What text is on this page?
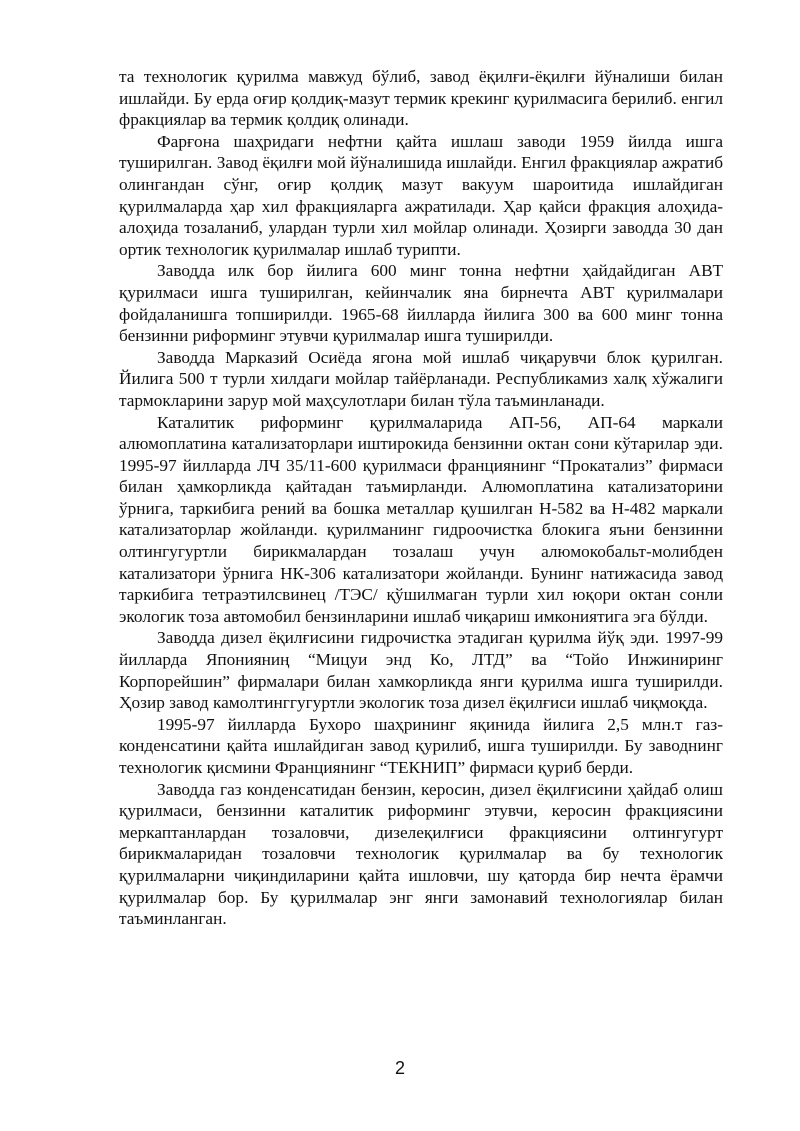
та технологик қурилма мавжуд бўлиб, завод ёқилғи-ёқилғи йўналиши билан ишлайди. Бу ерда оғир қолдиқ-мазут термик крекинг қурилмасига берилиб. енгил фракциялар ва термик қолдиқ олинади.

Фарғона шаҳридаги нефтни қайта ишлаш заводи 1959 йилда ишга туширилган. Завод ёқилғи мой йўналишида ишлайди. Енгил фракциялар ажратиб олингандан сўнг, оғир қолдиқ мазут вакуум шароитида ишлайдиган қурилмаларда ҳар хил фракцияларга ажратилади. Ҳар қайси фракция алоҳида-алоҳида тозаланиб, улардан турли хил мойлар олинади. Ҳозирги заводда 30 дан ортик технологик қурилмалар ишлаб турипти.

Заводда илк бор йилига 600 минг тонна нефтни ҳайдайдиган АВТ қурилмаси ишга туширилган, кейинчалик яна бирнечта АВТ қурилмалари фойдаланишга топширилди. 1965-68 йилларда йилига 300 ва 600 минг тонна бензинни риформинг этувчи қурилмалар ишга туширилди.

Заводда Марказий Осиёда ягона мой ишлаб чиқарувчи блок қурилган. Йилига 500 т турли хилдаги мойлар тайёрланади. Республикамиз халқ хўжалиги тармокларини зарур мой маҳсулотлари билан тўла таъминланади.

Каталитик риформинг қурилмаларида АП-56, АП-64 маркали алюмоплатина катализаторлари иштирокида бензинни октан сони кўтарилар эди. 1995-97 йилларда ЛЧ 35/11-600 қурилмаси франциянинг “Прокатализ” фирмаси билан ҳамкорликда қайтадан таъмирланди. Алюмоплатина катализаторини ўрнига, таркибига рений ва бошка металлар қушилган Н-582 ва Н-482 маркали катализаторлар жойланди. қурилманинг гидроочистка блокига яъни бензинни олтингугуртли бирикмалардан тозалаш учун алюмокобальт-молибден катализатори ўрнига НК-306 катализатори жойланди. Бунинг натижасида завод таркибига тетраэтилсвинец /ТЭС/ қўшилмаган турли хил юқори октан сонли экологик тоза автомобил бензинларини ишлаб чиқариш имкониятига эга бўлди.

Заводда дизел ёқилғисини гидрочистка этадиган қурилма йўқ эди. 1997-99 йилларда Японияниң “Мицуи энд Ко, ЛТД” ва “Тойо Инжиниринг Корпорейшин” фирмалари билан хамкорликда янги қурилма ишга туширилди. Ҳозир завод камолтинггугуртли экологик тоза дизел ёқилғиси ишлаб чиқмоқда.

1995-97 йилларда Бухоро шаҳрининг яқинида йилига 2,5 млн.т газ-конденсатини қайта ишлайдиган завод қурилиб, ишга туширилди. Бу заводнинг технологик қисмини Франциянинг “ТЕКНИП” фирмаси қуриб берди.

Заводда газ конденсатидан бензин, керосин, дизел ёқилғисини ҳайдаб олиш қурилмаси, бензинни каталитик риформинг этувчи, керосин фракциясини меркаптанлардан тозаловчи, дизелеқилғиси фракциясини олтингугурт бирикмаларидан тозаловчи технологик қурилмалар ва бу технологик қурилмаларни чиқиндиларини қайта ишловчи, шу қаторда бир нечта ёрамчи қурилмалар бор. Бу қурилмалар энг янги замонавий технологиялар билан таъминланган.

2
